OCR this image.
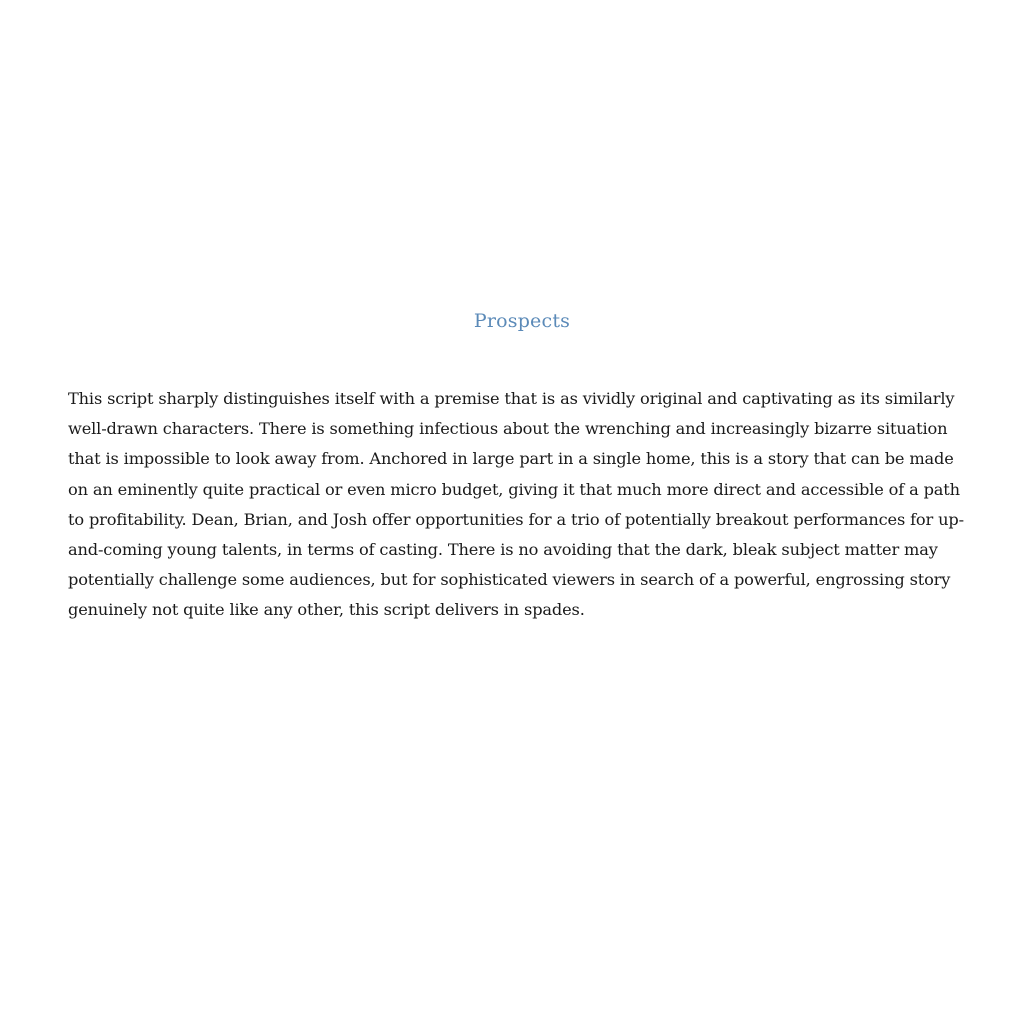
Prospects

This script sharply distinguishes itself with a premise that is as vividly original and captivating as its similarly well-drawn characters. There is something infectious about the wrenching and increasingly bizarre situation that is impossible to look away from. Anchored in large part in a single home, this is a story that can be made on an eminently quite practical or even micro budget, giving it that much more direct and accessible of a path to profitability. Dean, Brian, and Josh offer opportunities for a trio of potentially breakout performances for up-and-coming young talents, in terms of casting. There is no avoiding that the dark, bleak subject matter may potentially challenge some audiences, but for sophisticated viewers in search of a powerful, engrossing story genuinely not quite like any other, this script delivers in spades.
